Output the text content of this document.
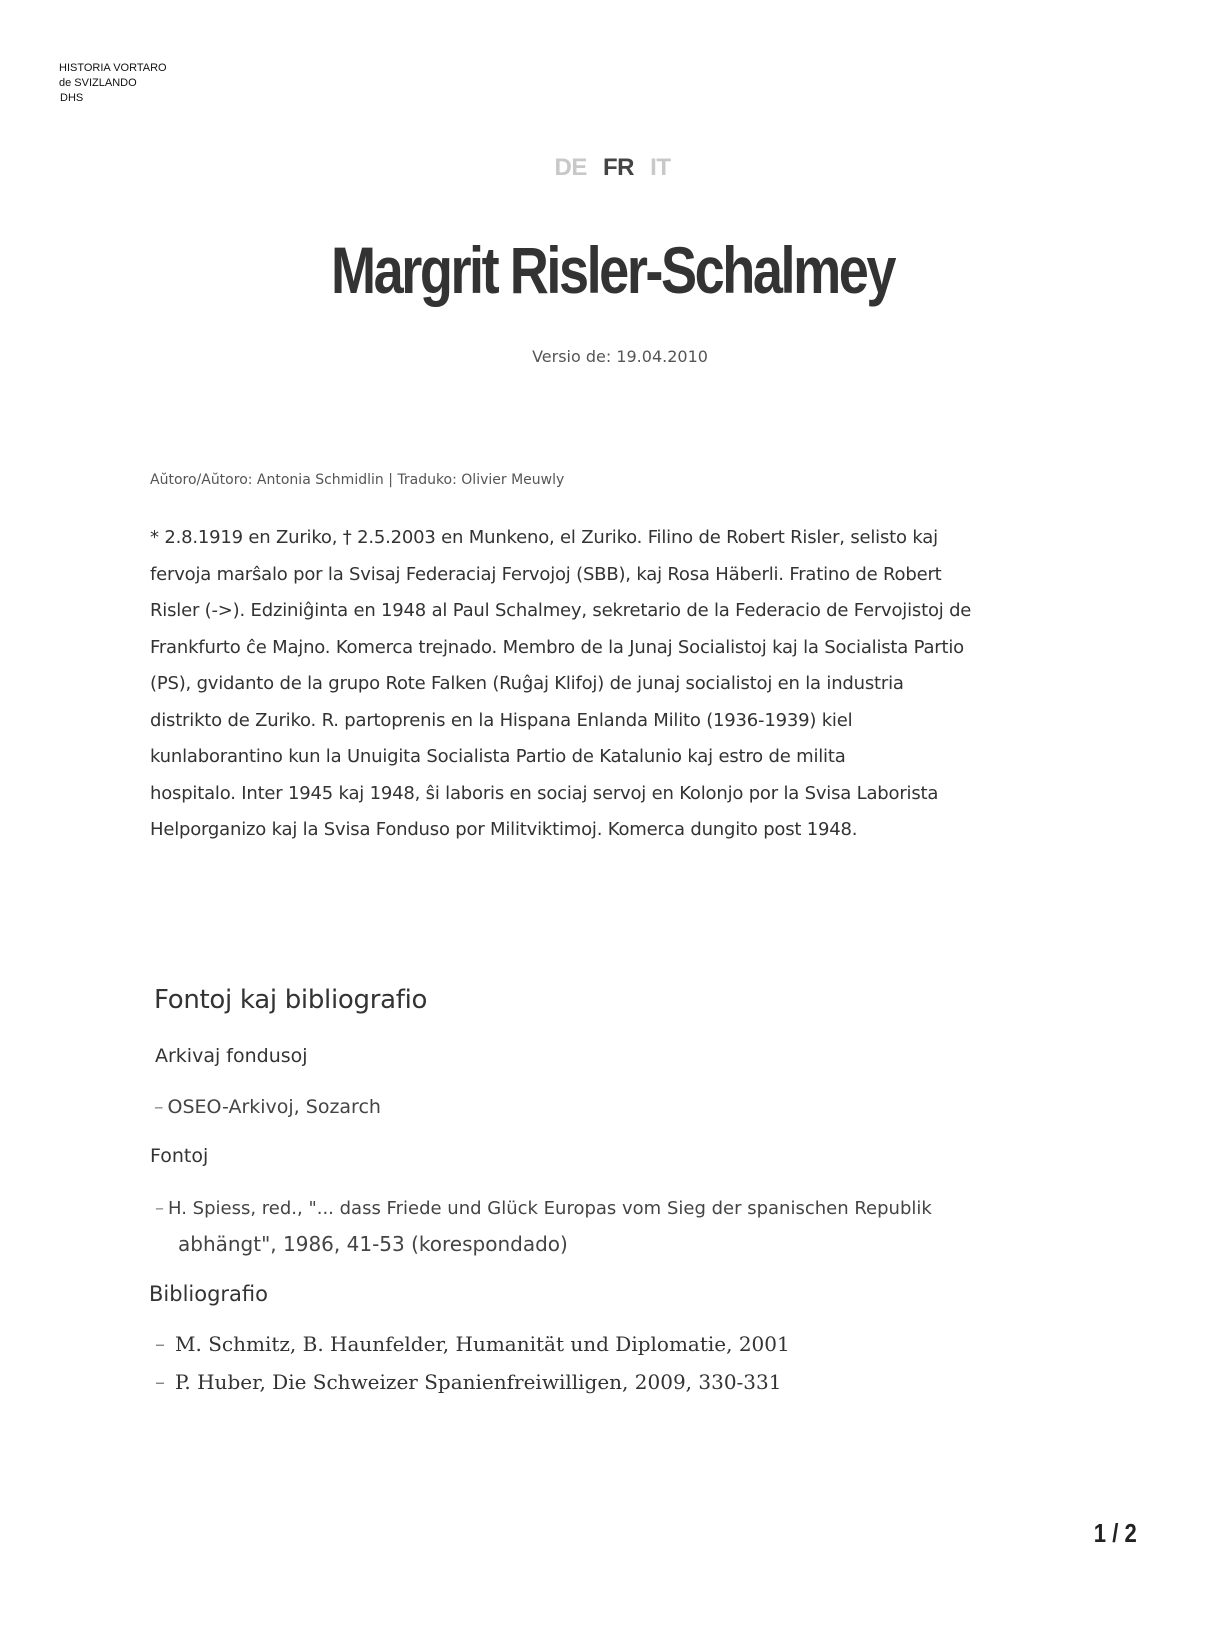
HISTORIA VORTARO
de SVIZLANDO
DHS
DE FR IT
Margrit Risler-Schalmey
Versio de: 19.04.2010
Aŭtoro/Aŭtoro: Antonia Schmidlin | Traduko: Olivier Meuwly
* 2.8.1919 en Zuriko, † 2.5.2003 en Munkeno, el Zuriko. Filino de Robert Risler, selisto kaj
fervoja marŝalo por la Svisaj Federaciaj Fervojoj (SBB), kaj Rosa Häberli. Fratino de Robert
Risler (->). Edziniĝinta en 1948 al Paul Schalmey, sekretario de la Federacio de Fervojistoj de
Frankfurto ĉe Majno. Komerca trejnado. Membro de la Junaj Socialistoj kaj la Socialista Partio
(PS), gvidanto de la grupo Rote Falken (Ruĝaj Klifoj) de junaj socialistoj en la industria
distrikto de Zuriko. R. partoprenis en la Hispana Enlanda Milito (1936-1939) kiel
kunlaborantino kun la Unuigita Socialista Partio de Katalunio kaj estro de milita
hospitalo. Inter 1945 kaj 1948, ŝi laboris en sociaj servoj en Kolonjo por la Svisa Laborista
Helporganizo kaj la Svisa Fonduso por Militviktimoj. Komerca dungito post 1948.
Fontoj kaj bibliografio
Arkivaj fondusoj
– OSEO-Arkivoj, Sozarch
Fontoj
– H. Spiess, red., "... dass Friede und Glück Europas vom Sieg der spanischen Republik
abhängt", 1986, 41-53 (korespondado)
Bibliografio
– M. Schmitz, B. Haunfelder, Humanität und Diplomatie, 2001
– P. Huber, Die Schweizer Spanienfreiwilligen, 2009, 330-331
1 / 2
